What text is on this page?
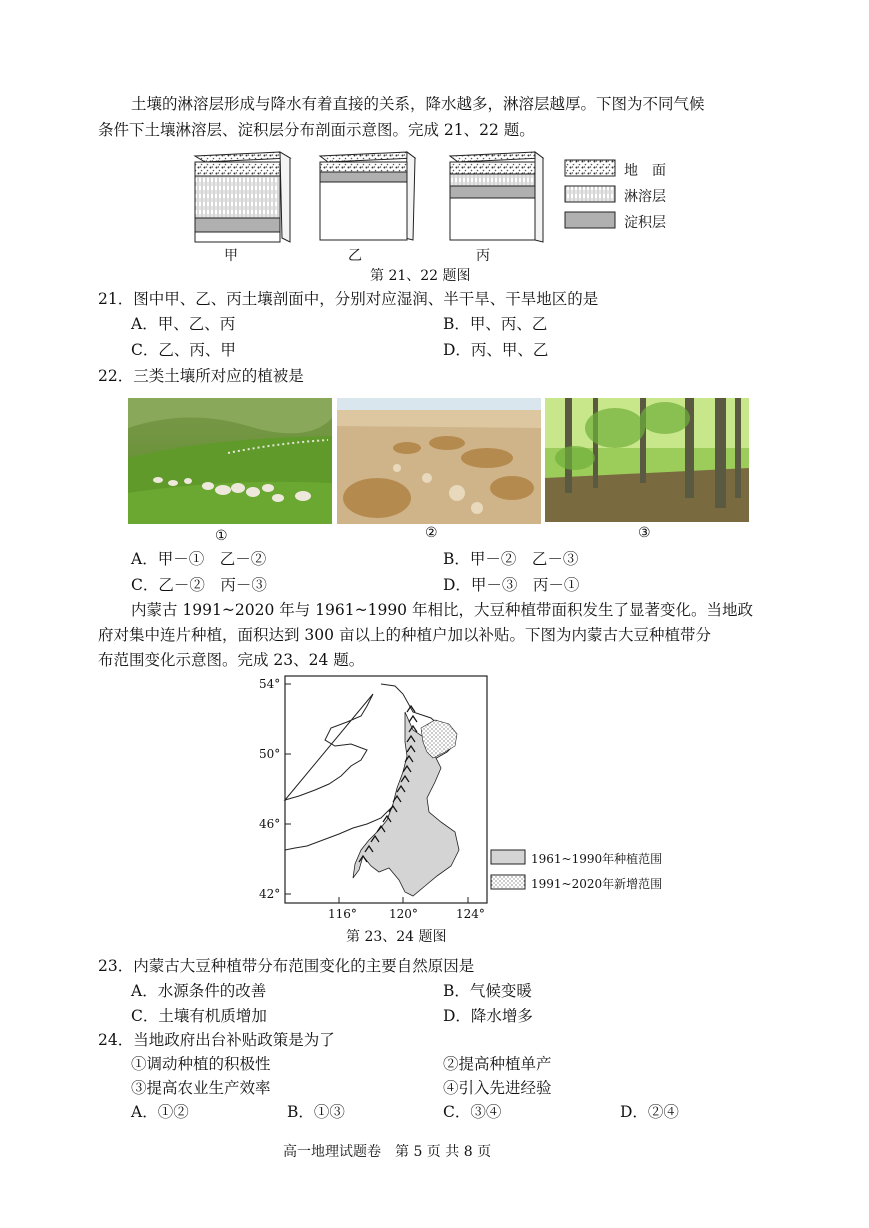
土壤的淋溶层形成与降水有着直接的关系，降水越多，淋溶层越厚。下图为不同气候
条件下土壤淋溶层、淀积层分布剖面示意图。完成 21、22 题。
地　面
淋溶层
淀积层
甲	乙	丙
第 21、22 题图
21．图中甲、乙、丙土壤剖面中，分别对应湿润、半干旱、干旱地区的是
A．甲、乙、丙	B．甲、丙、乙
C．乙、丙、甲	D．丙、甲、乙
22．三类土壤所对应的植被是
①	②	③
A．甲－①　乙－②	B．甲－②　乙－③
C．乙－②　丙－③	D．甲－③　丙－①
内蒙古 1991~2020 年与 1961~1990 年相比，大豆种植带面积发生了显著变化。当地政
府对集中连片种植，面积达到 300 亩以上的种植户加以补贴。下图为内蒙古大豆种植带分
布范围变化示意图。完成 23、24 题。
54°
50°
46°
42°
116°	120°	124°
1961~1990年种植范围
1991~2020年新增范围
第 23、24 题图
23．内蒙古大豆种植带分布范围变化的主要自然原因是
A．水源条件的改善	B．气候变暖
C．土壤有机质增加	D．降水增多
24．当地政府出台补贴政策是为了
①调动种植的积极性	②提高种植单产
③提高农业生产效率	④引入先进经验
A．①②	B．①③	C．③④	D．②④
高一地理试题卷　第 5 页 共 8 页
